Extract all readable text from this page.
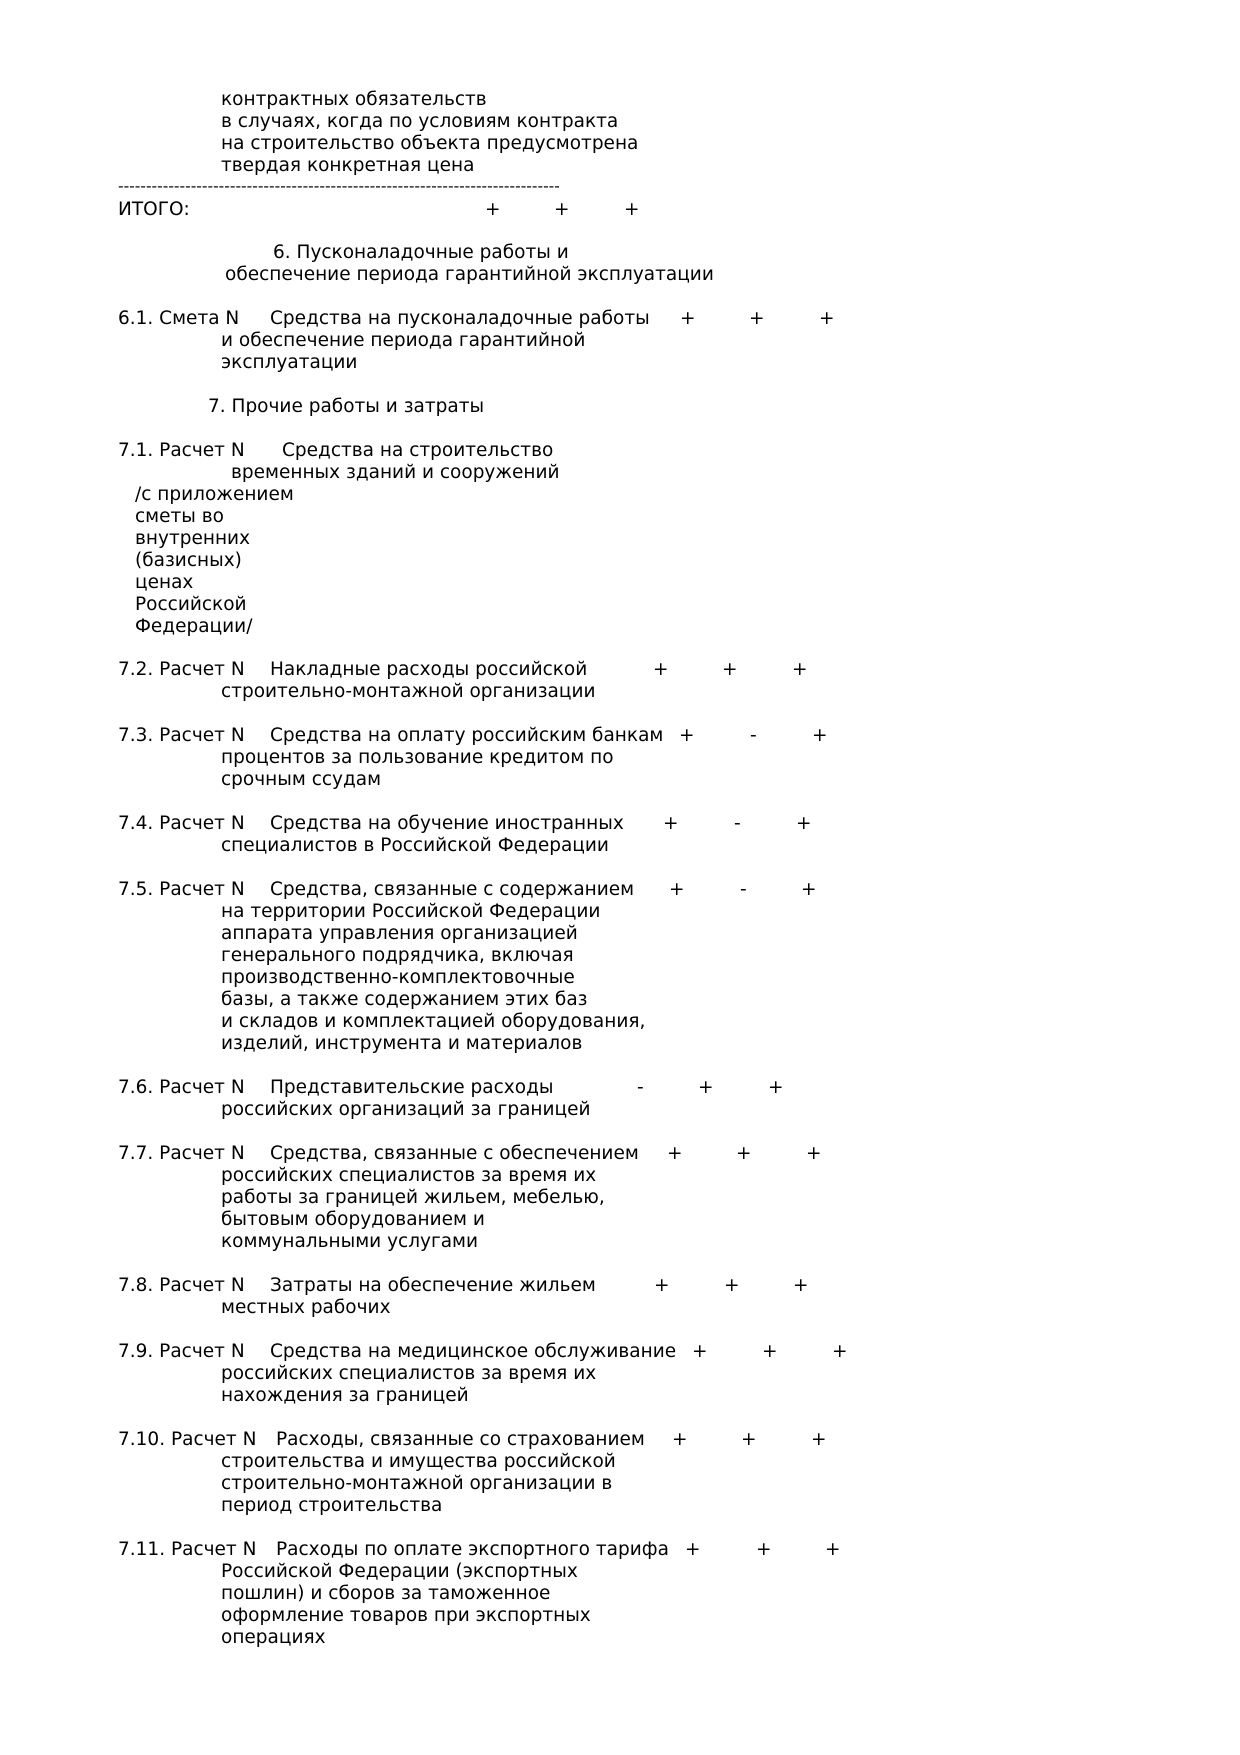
контрактных обязательств
в случаях, когда по условиям контракта
на строительство объекта предусмотрена
твердая конкретная цена
-------------------------------------------------------------------------------
ИТОГО:	+	+	+
6. Пусконаладочные работы и
обеспечение периода гарантийной эксплуатации
6.1. Смета N Средства на пусконаладочные работы
и обеспечение периода гарантийной
эксплуатации
+	+	+
7. Прочие работы и затраты
7.1. Расчет N Средства на строительство
временных зданий и сооружений
/с приложением
сметы во
внутренних
(базисных)
ценах
Российской
Федерации/
7.2. Расчет N Накладные расходы российской
строительно-монтажной организации
+	+	+
7.3. Расчет N Средства на оплату российским банкам
процентов за пользование кредитом по
срочным ссудам
+	-	+
7.4. Расчет N Средства на обучение иностранных
специалистов в Российской Федерации
+	-	+
7.5. Расчет N Средства, связанные с содержанием
на территории Российской Федерации
аппарата управления организацией
генерального подрядчика, включая
производственно-комплектовочные
базы, а также содержанием этих баз
и складов и комплектацией оборудования,
изделий, инструмента и материалов
+	-	+
7.6. Расчет N Представительские расходы
российских организаций за границей
-	+	+
7.7. Расчет N Средства, связанные с обеспечением
российских специалистов за время их
работы за границей жильем, мебелью,
бытовым оборудованием и
коммунальными услугами
+	+	+
7.8. Расчет N Затраты на обеспечение жильем
местных рабочих
+	+	+
7.9. Расчет N Средства на медицинское обслуживание
российских специалистов за время их
нахождения за границей
+	+	+
7.10. Расчет N Расходы, связанные со страхованием
строительства и имущества российской
строительно-монтажной организации в
период строительства
+	+	+
7.11. Расчет N Расходы по оплате экспортного тарифа
Российской Федерации (экспортных
пошлин) и сборов за таможенное
оформление товаров при экспортных
операциях
+	+	+
